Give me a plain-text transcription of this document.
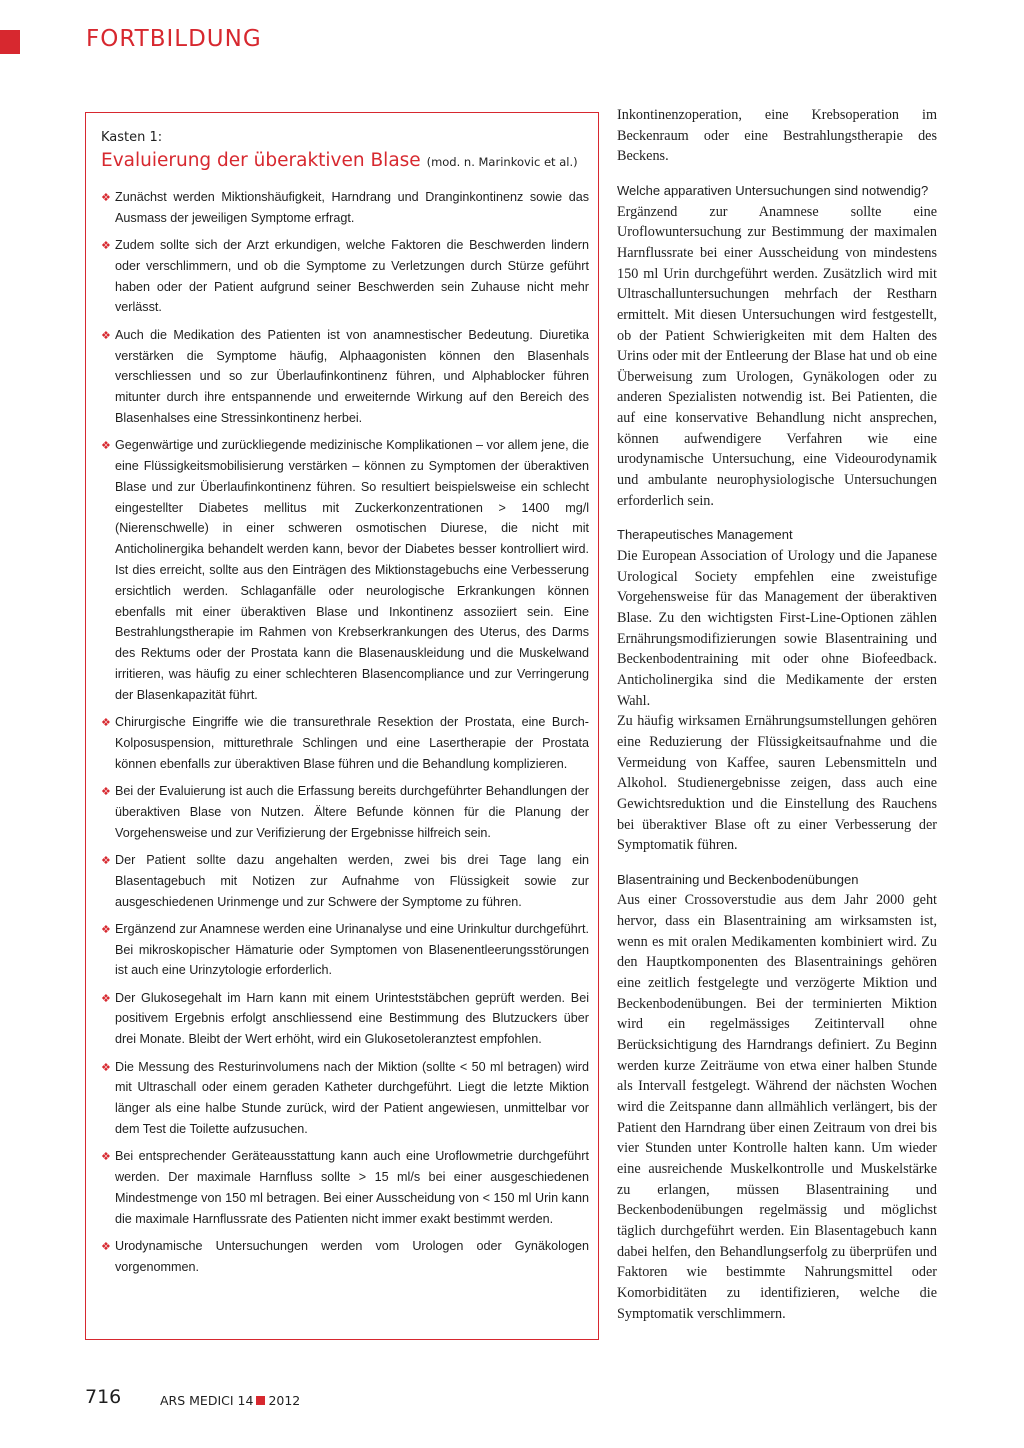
FORTBILDUNG
Kasten 1:
Evaluierung der überaktiven Blase (mod. n. Marinkovic et al.)
❖ Zunächst werden Miktionshäufigkeit, Harndrang und Dranginkontinenz sowie das Ausmass der jeweiligen Symptome erfragt.
❖ Zudem sollte sich der Arzt erkundigen, welche Faktoren die Beschwerden lindern oder verschlimmern, und ob die Symptome zu Verletzungen durch Stürze geführt haben oder der Patient aufgrund seiner Beschwerden sein Zuhause nicht mehr verlässt.
❖ Auch die Medikation des Patienten ist von anamnestischer Bedeutung. Diuretika verstärken die Symptome häufig, Alphaagonisten können den Blasenhals verschliessen und so zur Überlaufinkontinenz führen, und Alphablocker führen mitunter durch ihre entspannende und erweiternde Wirkung auf den Bereich des Blasenhalses eine Stressinkontinenz herbei.
❖ Gegenwärtige und zurückliegende medizinische Komplikationen – vor allem jene, die eine Flüssigkeitsmobilisierung verstärken – können zu Symptomen der überaktiven Blase und zur Überlaufinkontinenz führen. So resultiert beispielsweise ein schlecht eingestellter Diabetes mellitus mit Zuckerkonzentrationen > 1400 mg/l (Nierenschwelle) in einer schweren osmotischen Diurese, die nicht mit Anticholinergika behandelt werden kann, bevor der Diabetes besser kontrolliert wird. Ist dies erreicht, sollte aus den Einträgen des Miktionstagebuchs eine Verbesserung ersichtlich werden. Schlaganfälle oder neurologische Erkrankungen können ebenfalls mit einer überaktiven Blase und Inkontinenz assoziiert sein. Eine Bestrahlungstherapie im Rahmen von Krebserkrankungen des Uterus, des Darms des Rektums oder der Prostata kann die Blasenauskleidung und die Muskelwand irritieren, was häufig zu einer schlechteren Blasencompliance und zur Verringerung der Blasenkapazität führt.
❖ Chirurgische Eingriffe wie die transurethrale Resektion der Prostata, eine Burch-Kolposuspension, mitturethrale Schlingen und eine Lasertherapie der Prostata können ebenfalls zur überaktiven Blase führen und die Behandlung komplizieren.
❖ Bei der Evaluierung ist auch die Erfassung bereits durchgeführter Behandlungen der überaktiven Blase von Nutzen. Ältere Befunde können für die Planung der Vorgehensweise und zur Verifizierung der Ergebnisse hilfreich sein.
❖ Der Patient sollte dazu angehalten werden, zwei bis drei Tage lang ein Blasentagebuch mit Notizen zur Aufnahme von Flüssigkeit sowie zur ausgeschiedenen Urinmenge und zur Schwere der Symptome zu führen.
❖ Ergänzend zur Anamnese werden eine Urinanalyse und eine Urinkultur durchgeführt. Bei mikroskopischer Hämaturie oder Symptomen von Blasenentleerungsstörungen ist auch eine Urinzytologie erforderlich.
❖ Der Glukosegehalt im Harn kann mit einem Urinteststäbchen geprüft werden. Bei positivem Ergebnis erfolgt anschliessend eine Bestimmung des Blutzuckers über drei Monate. Bleibt der Wert erhöht, wird ein Glukosetoleranztest empfohlen.
❖ Die Messung des Resturinvolumens nach der Miktion (sollte < 50 ml betragen) wird mit Ultraschall oder einem geraden Katheter durchgeführt. Liegt die letzte Miktion länger als eine halbe Stunde zurück, wird der Patient angewiesen, unmittelbar vor dem Test die Toilette aufzusuchen.
❖ Bei entsprechender Geräteausstattung kann auch eine Uroflowmetrie durchgeführt werden. Der maximale Harnfluss sollte > 15 ml/s bei einer ausgeschiedenen Mindestmenge von 150 ml betragen. Bei einer Ausscheidung von < 150 ml Urin kann die maximale Harnflussrate des Patienten nicht immer exakt bestimmt werden.
❖ Urodynamische Untersuchungen werden vom Urologen oder Gynäkologen vorgenommen.

Inkontinenzoperation, eine Krebsoperation im Beckenraum oder eine Bestrahlungstherapie des Beckens.

Welche apparativen Untersuchungen sind notwendig?

Ergänzend zur Anamnese sollte eine Uroflowuntersuchung zur Bestimmung der maximalen Harnflussrate bei einer Ausscheidung von mindestens 150 ml Urin durchgeführt werden. Zusätzlich wird mit Ultraschalluntersuchungen mehrfach der Restharn ermittelt. Mit diesen Untersuchungen wird festgestellt, ob der Patient Schwierigkeiten mit dem Halten des Urins oder mit der Entleerung der Blase hat und ob eine Überweisung zum Urologen, Gynäkologen oder zu anderen Spezialisten notwendig ist. Bei Patienten, die auf eine konservative Behandlung nicht ansprechen, können aufwendigere Verfahren wie eine urodynamische Untersuchung, eine Videourodynamik und ambulante neurophysiologische Untersuchungen erforderlich sein.

Therapeutisches Management

Die European Association of Urology und die Japanese Urological Society empfehlen eine zweistufige Vorgehensweise für das Management der überaktiven Blase. Zu den wichtigsten First-Line-Optionen zählen Ernährungsmodifizierungen sowie Blasentraining und Beckenbodentraining mit oder ohne Biofeedback. Anticholinergika sind die Medikamente der ersten Wahl.

Zu häufig wirksamen Ernährungsumstellungen gehören eine Reduzierung der Flüssigkeitsaufnahme und die Vermeidung von Kaffee, sauren Lebensmitteln und Alkohol. Studienergebnisse zeigen, dass auch eine Gewichtsreduktion und die Einstellung des Rauchens bei überaktiver Blase oft zu einer Verbesserung der Symptomatik führen.

Blasentraining und Beckenbodenübungen

Aus einer Crossoverstudie aus dem Jahr 2000 geht hervor, dass ein Blasentraining am wirksamsten ist, wenn es mit oralen Medikamenten kombiniert wird. Zu den Hauptkomponenten des Blasentrainings gehören eine zeitlich festgelegte und verzögerte Miktion und Beckenbodenübungen. Bei der terminierten Miktion wird ein regelmässiges Zeitintervall ohne Berücksichtigung des Harndrangs definiert. Zu Beginn werden kurze Zeiträume von etwa einer halben Stunde als Intervall festgelegt. Während der nächsten Wochen wird die Zeitspanne dann allmählich verlängert, bis der Patient den Harndrang über einen Zeitraum von drei bis vier Stunden unter Kontrolle halten kann. Um wieder eine ausreichende Muskelkontrolle und Muskelstärke zu erlangen, müssen Blasentraining und Beckenbodenübungen regelmässig und möglichst täglich durchgeführt werden. Ein Blasentagebuch kann dabei helfen, den Behandlungserfolg zu überprüfen und Faktoren wie bestimmte Nahrungsmittel oder Komorbiditäten zu identifizieren, welche die Symptomatik verschlimmern.

716	ARS MEDICI 14 2012
